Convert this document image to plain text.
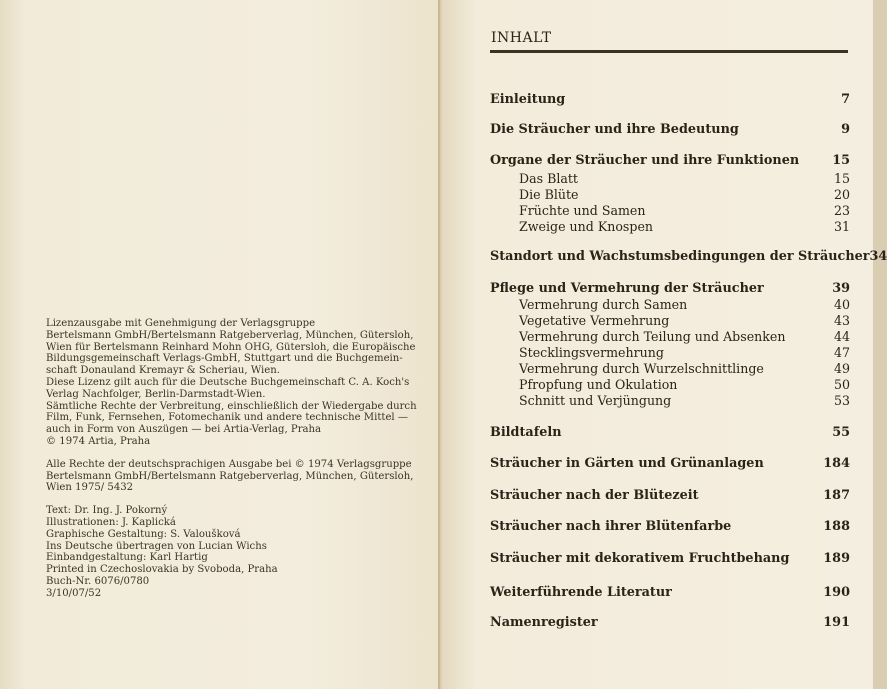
Lizenzausgabe mit Genehmigung der Verlagsgruppe
Bertelsmann GmbH/Bertelsmann Ratgeberverlag, München, Gütersloh,
Wien für Bertelsmann Reinhard Mohn OHG, Gütersloh, die Europäische
Bildungsgemeinschaft Verlags-GmbH, Stuttgart und die Buchgemein-
schaft Donauland Kremayr & Scheriau, Wien.
Diese Lizenz gilt auch für die Deutsche Buchgemeinschaft C. A. Koch's
Verlag Nachfolger, Berlin-Darmstadt-Wien.
Sämtliche Rechte der Verbreitung, einschließlich der Wiedergabe durch
Film, Funk, Fernsehen, Fotomechanik und andere technische Mittel —
auch in Form von Auszügen — bei Artia-Verlag, Praha
© 1974 Artia, Praha
Alle Rechte der deutschsprachigen Ausgabe bei © 1974 Verlagsgruppe
Bertelsmann GmbH/Bertelsmann Ratgeberverlag, München, Gütersloh,
Wien 1975/ 5432
Text: Dr. Ing. J. Pokorný
Illustrationen: J. Kaplická
Graphische Gestaltung: S. Valoušková
Ins Deutsche übertragen von Lucian Wichs
Einbandgestaltung: Karl Hartig
Printed in Czechoslovakia by Svoboda, Praha
Buch-Nr. 6076/0780
3/10/07/52
INHALT
Einleitung	7
Die Sträucher und ihre Bedeutung	9
Organe der Sträucher und ihre Funktionen	15
Das Blatt	15
Die Blüte	20
Früchte und Samen	23
Zweige und Knospen	31
Standort und Wachstumsbedingungen der Sträucher 34
Pflege und Vermehrung der Sträucher	39
Vermehrung durch Samen	40
Vegetative Vermehrung	43
Vermehrung durch Teilung und Absenken	44
Stecklingsvermehrung	47
Vermehrung durch Wurzelschnittlinge	49
Pfropfung und Okulation	50
Schnitt und Verjüngung	53
Bildtafeln	55
Sträucher in Gärten und Grünanlagen	184
Sträucher nach der Blütezeit	187
Sträucher nach ihrer Blütenfarbe	188
Sträucher mit dekorativem Fruchtbehang	189
Weiterführende Literatur	190
Namenregister	191
